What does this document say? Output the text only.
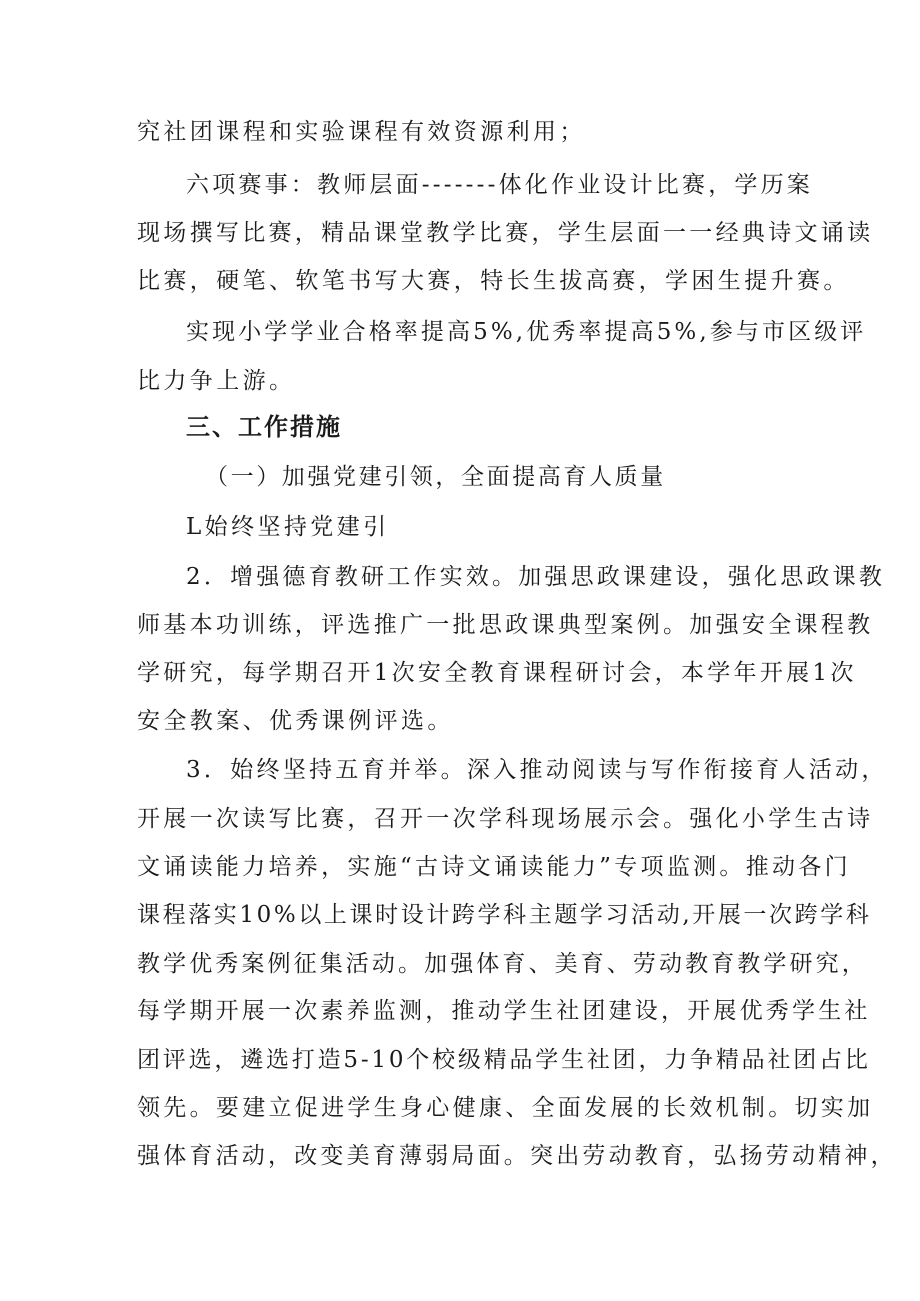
究社团课程和实验课程有效资源利用；
六项赛事：教师层面-------体化作业设计比赛，学历案
现场撰写比赛，精品课堂教学比赛，学生层面一一经典诗文诵读
比赛，硬笔、软笔书写大赛，特长生拔高赛，学困生提升赛。
实现小学学业合格率提高5%,优秀率提高5%,参与市区级评
比力争上游。
三、工作措施
（一）加强党建引领，全面提高育人质量
L始终坚持党建引
2．增强德育教研工作实效。加强思政课建设，强化思政课教
师基本功训练，评选推广一批思政课典型案例。加强安全课程教
学研究，每学期召开1次安全教育课程研讨会，本学年开展1次
安全教案、优秀课例评选。
3．始终坚持五育并举。深入推动阅读与写作衔接育人活动，
开展一次读写比赛，召开一次学科现场展示会。强化小学生古诗
文诵读能力培养，实施“古诗文诵读能力”专项监测。推动各门
课程落实10%以上课时设计跨学科主题学习活动,开展一次跨学科
教学优秀案例征集活动。加强体育、美育、劳动教育教学研究，
每学期开展一次素养监测，推动学生社团建设，开展优秀学生社
团评选，遴选打造5-10个校级精品学生社团，力争精品社团占比
领先。要建立促进学生身心健康、全面发展的长效机制。切实加
强体育活动，改变美育薄弱局面。突出劳动教育，弘扬劳动精神，
